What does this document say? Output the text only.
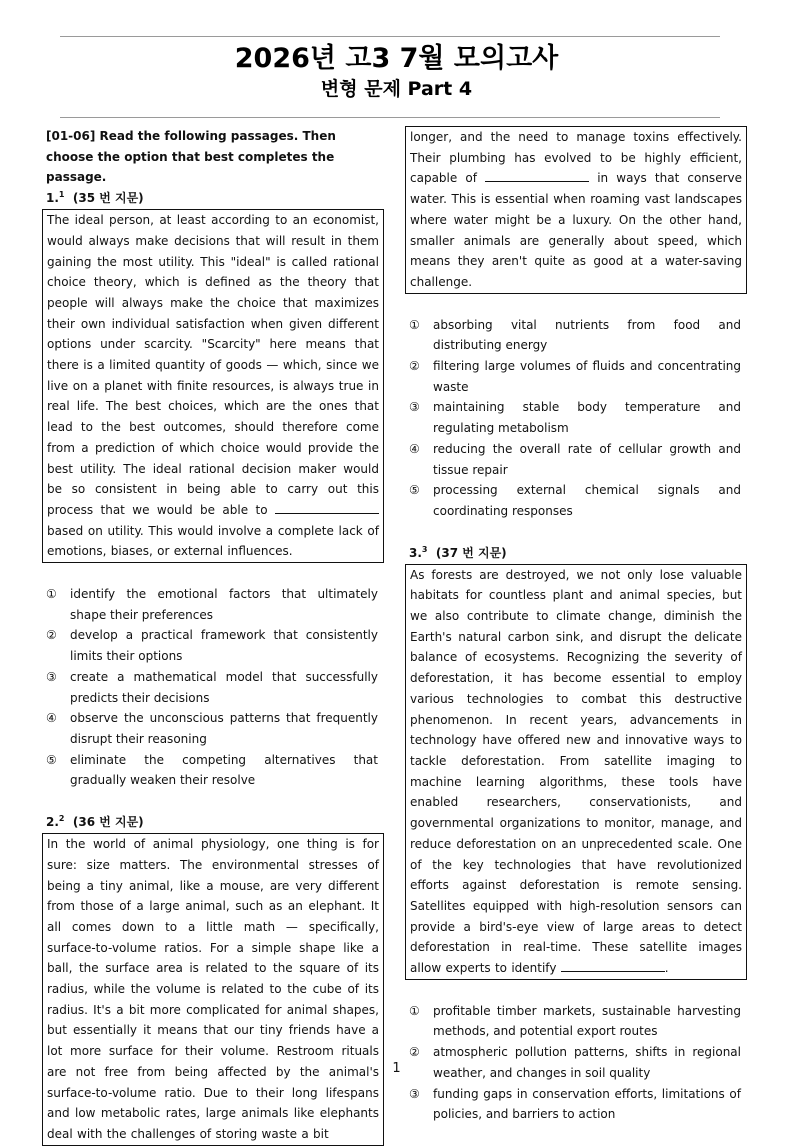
2026년 고3 7월 모의고사
변형 문제 Part 4

[01-06] Read the following passages. Then choose the option that best completes the passage.

1.$^1$ (35 번 지문)
The ideal person, at least according to an economist, would always make decisions that will result in them gaining the most utility. This "ideal" is called rational choice theory, which is defined as the theory that people will always make the choice that maximizes their own individual satisfaction when given different options under scarcity. "Scarcity" here means that there is a limited quantity of goods — which, since we live on a planet with finite resources, is always true in real life. The best choices, which are the ones that lead to the best outcomes, should therefore come from a prediction of which choice would provide the best utility. The ideal rational decision maker would be so consistent in being able to carry out this process that we would be able to  based on utility. This would involve a complete lack of emotions, biases, or external influences.
①	identify the emotional factors that ultimately shape their preferences
②	develop a practical framework that consistently limits their options
③	create a mathematical model that successfully predicts their decisions
④	observe the unconscious patterns that frequently disrupt their reasoning
⑤	eliminate the competing alternatives that gradually weaken their resolve
2.$^2$ (36 번 지문)
In the world of animal physiology, one thing is for sure: size matters. The environmental stresses of being a tiny animal, like a mouse, are very different from those of a large animal, such as an elephant. It all comes down to a little math — specifically, surface-to-volume ratios. For a simple shape like a ball, the surface area is related to the square of its radius, while the volume is related to the cube of its radius. It's a bit more complicated for animal shapes, but essentially it means that our tiny friends have a lot more surface for their volume. Restroom rituals are not free from being affected by the animal's surface-to-volume ratio. Due to their long lifespans and low metabolic rates, large animals like elephants deal with the challenges of storing waste a bit
longer, and the need to manage toxins effectively. Their plumbing has evolved to be highly efficient, capable of	in ways that conserve water. This is essential when roaming vast landscapes where water might be a luxury. On the other hand, smaller animals are generally about speed, which means they aren't quite as good at a water-saving challenge.
①	absorbing vital nutrients from food and distributing energy
②	filtering large volumes of fluids and concentrating waste
③	maintaining stable body temperature and regulating metabolism
④	reducing the overall rate of cellular growth and tissue repair
⑤	processing external chemical signals and coordinating responses
3.$^3$ (37 번 지문)
As forests are destroyed, we not only lose valuable habitats for countless plant and animal species, but we also contribute to climate change, diminish the Earth's natural carbon sink, and disrupt the delicate balance of ecosystems. Recognizing the severity of deforestation, it has become essential to employ various technologies to combat this destructive phenomenon. In recent years, advancements in technology have offered new and innovative ways to tackle deforestation. From satellite imaging to machine learning algorithms, these tools have enabled researchers, conservationists, and governmental organizations to monitor, manage, and reduce deforestation on an unprecedented scale. One of the key technologies that have revolutionized efforts against deforestation is remote sensing. Satellites equipped with high-resolution sensors can provide a bird's-eye view of large areas to detect deforestation in real-time. These satellite images allow experts to identify	.
①	profitable timber markets, sustainable harvesting methods, and potential export routes
②	atmospheric pollution patterns, shifts in regional weather, and changes in soil quality
③	funding gaps in conservation efforts, limitations of policies, and barriers to action
1
